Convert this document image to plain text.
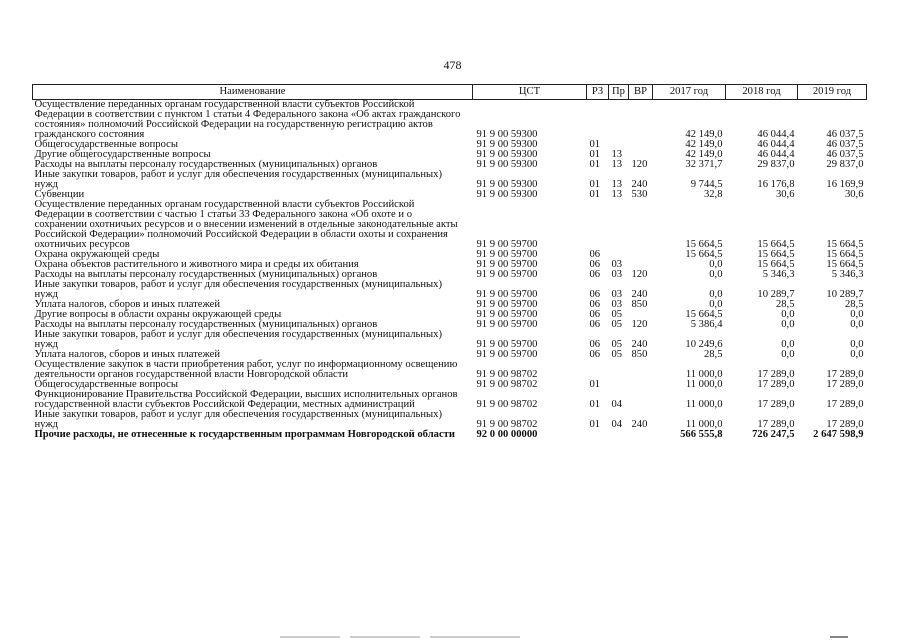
478
Наименование	ЦСТ	РЗ	Пр	ВР	2017 год	2018 год	2019 год
Осуществление переданных органам государственной власти субъектов Российской Федерации в соответствии с пунктом 1 статьи 4 Федерального закона «Об актах гражданского состояния» полномочий Российской Федерации на государственную регистрацию актов гражданского состояния	91 9 00 59300				42 149,0	46 044,4	46 037,5
Общегосударственные вопросы	91 9 00 59300	01			42 149,0	46 044,4	46 037,5
Другие общегосударственные вопросы	91 9 00 59300	01	13		42 149,0	46 044,4	46 037,5
Расходы на выплаты персоналу государственных (муниципальных) органов	91 9 00 59300	01	13	120	32 371,7	29 837,0	29 837,0
Иные закупки товаров, работ и услуг для обеспечения государственных (муниципальных) нужд	91 9 00 59300	01	13	240	9 744,5	16 176,8	16 169,9
Субвенции	91 9 00 59300	01	13	530	32,8	30,6	30,6
Осуществление переданных органам государственной власти субъектов Российской Федерации в соответствии с частью 1 статьи 33 Федерального закона «Об охоте и о сохранении охотничьих ресурсов и о внесении изменений в отдельные законодательные акты Российской Федерации» полномочий Российской Федерации в области охоты и сохранения охотничьих ресурсов	91 9 00 59700				15 664,5	15 664,5	15 664,5
Охрана окружающей среды	91 9 00 59700	06			15 664,5	15 664,5	15 664,5
Охрана объектов растительного и животного мира и среды их обитания	91 9 00 59700	06	03		0,0	15 664,5	15 664,5
Расходы на выплаты персоналу государственных (муниципальных) органов	91 9 00 59700	06	03	120	0,0	5 346,3	5 346,3
Иные закупки товаров, работ и услуг для обеспечения государственных (муниципальных) нужд	91 9 00 59700	06	03	240	0,0	10 289,7	10 289,7
Уплата налогов, сборов и иных платежей	91 9 00 59700	06	03	850	0,0	28,5	28,5
Другие вопросы в области охраны окружающей среды	91 9 00 59700	06	05		15 664,5	0,0	0,0
Расходы на выплаты персоналу государственных (муниципальных) органов	91 9 00 59700	06	05	120	5 386,4	0,0	0,0
Иные закупки товаров, работ и услуг для обеспечения государственных (муниципальных) нужд	91 9 00 59700	06	05	240	10 249,6	0,0	0,0
Уплата налогов, сборов и иных платежей	91 9 00 59700	06	05	850	28,5	0,0	0,0
Осуществление закупок в части приобретения работ, услуг по информационному освещению деятельности органов государственной власти Новгородской области	91 9 00 98702				11 000,0	17 289,0	17 289,0
Общегосударственные вопросы	91 9 00 98702	01			11 000,0	17 289,0	17 289,0
Функционирование Правительства Российской Федерации, высших исполнительных органов государственной власти субъектов Российской Федерации, местных администраций	91 9 00 98702	01	04		11 000,0	17 289,0	17 289,0
Иные закупки товаров, работ и услуг для обеспечения государственных (муниципальных) нужд	91 9 00 98702	01	04	240	11 000,0	17 289,0	17 289,0
Прочие расходы, не отнесенные к государственным программам Новгородской области	92 0 00 00000				566 555,8	726 247,5	2 647 598,9
